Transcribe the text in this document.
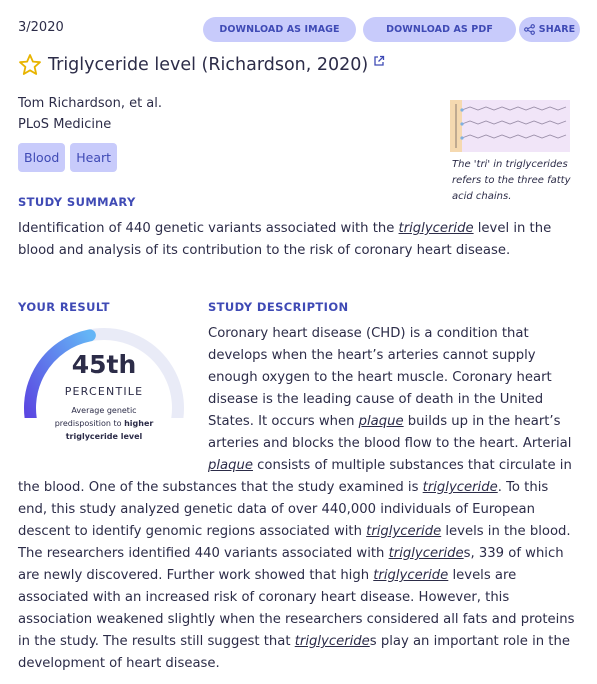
3/2020	DOWNLOAD AS IMAGE	DOWNLOAD AS PDF	SHARE
Triglyceride level (Richardson, 2020)
Tom Richardson, et al.
PLoS Medicine
Blood	Heart	The 'tri' in triglycerides refers to the three fatty acid chains.
STUDY SUMMARY
Identification of 440 genetic variants associated with the triglyceride level in the blood and analysis of its contribution to the risk of coronary heart disease.
YOUR RESULT	STUDY DESCRIPTION
45th
PERCENTILE
Average genetic predisposition to higher triglyceride level
Coronary heart disease (CHD) is a condition that develops when the heart’s arteries cannot supply enough oxygen to the heart muscle. Coronary heart disease is the leading cause of death in the United States. It occurs when plaque builds up in the heart’s arteries and blocks the blood flow to the heart. Arterial plaque consists of multiple substances that circulate in the blood. One of the substances that the study examined is triglyceride. To this end, this study analyzed genetic data of over 440,000 individuals of European descent to identify genomic regions associated with triglyceride levels in the blood. The researchers identified 440 variants associated with triglycerides, 339 of which are newly discovered. Further work showed that high triglyceride levels are associated with an increased risk of coronary heart disease. However, this association weakened slightly when the researchers considered all fats and proteins in the study. The results still suggest that triglycerides play an important role in the development of heart disease.
